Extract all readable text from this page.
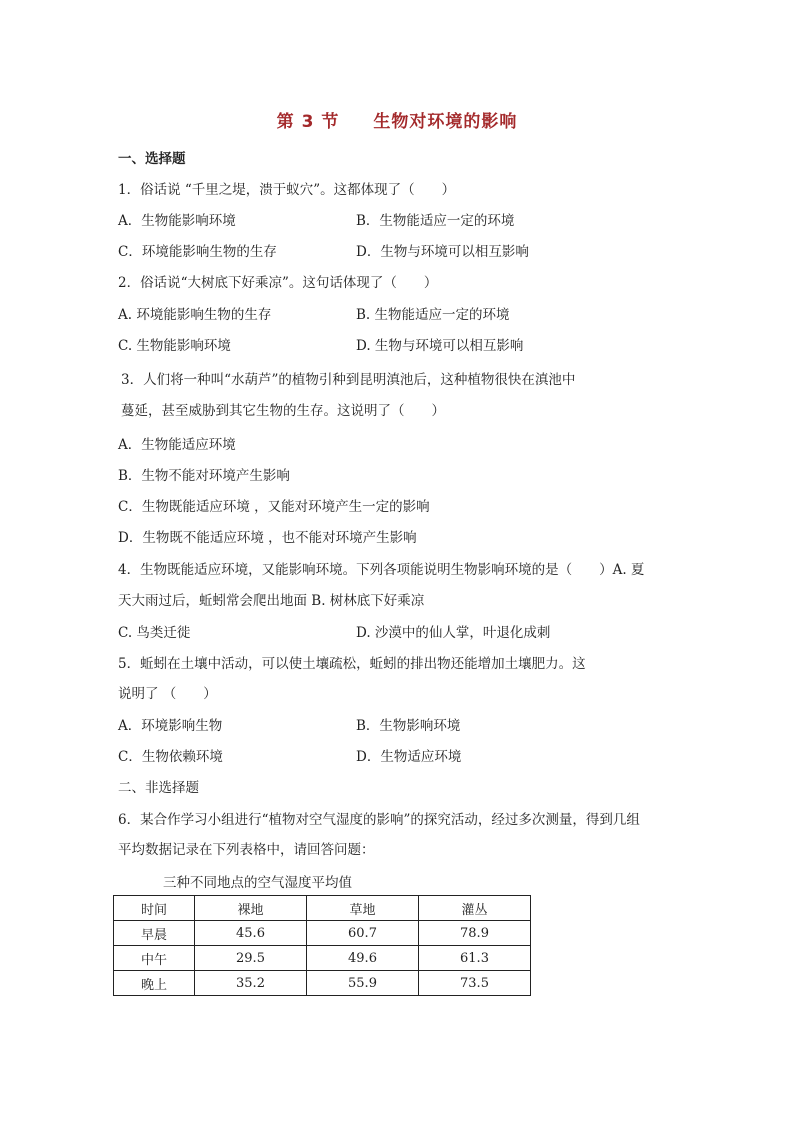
第 3 节 生物对环境的影响
一、选择题
1．俗话说 “千里之堤，溃于蚁穴”。这都体现了（　　）
A．生物能影响环境	B．生物能适应一定的环境
C．环境能影响生物的生存	D．生物与环境可以相互影响
2．俗话说“大树底下好乘凉”。这句话体现了（　　）
A. 环境能影响生物的生存	B. 生物能适应一定的环境
C. 生物能影响环境	D. 生物与环境可以相互影响
3．人们将一种叫“水葫芦”的植物引种到昆明滇池后，这种植物很快在滇池中
蔓延，甚至威胁到其它生物的生存。这说明了（　　）
A．生物能适应环境
B．生物不能对环境产生影响
C．生物既能适应环境 ，又能对环境产生一定的影响
D．生物既不能适应环境 ，也不能对环境产生影响
4．生物既能适应环境，又能影响环境。下列各项能说明生物影响环境的是（　　）A. 夏
天大雨过后，蚯蚓常会爬出地面 B. 树林底下好乘凉
C. 鸟类迁徙	D. 沙漠中的仙人掌，叶退化成刺
5．蚯蚓在土壤中活动，可以使土壤疏松，蚯蚓的排出物还能增加土壤肥力。这
说明了 （　　）
A．环境影响生物	B．生物影响环境
C．生物依赖环境	D．生物适应环境
二、非选择题
6．某合作学习小组进行“植物对空气湿度的影响”的探究活动，经过多次测量，得到几组
平均数据记录在下列表格中，请回答问题：
三种不同地点的空气湿度平均值
时间	裸地	草地	灌丛
早晨	45.6	60.7	78.9
中午	29.5	49.6	61.3
晚上	35.2	55.9	73.5
